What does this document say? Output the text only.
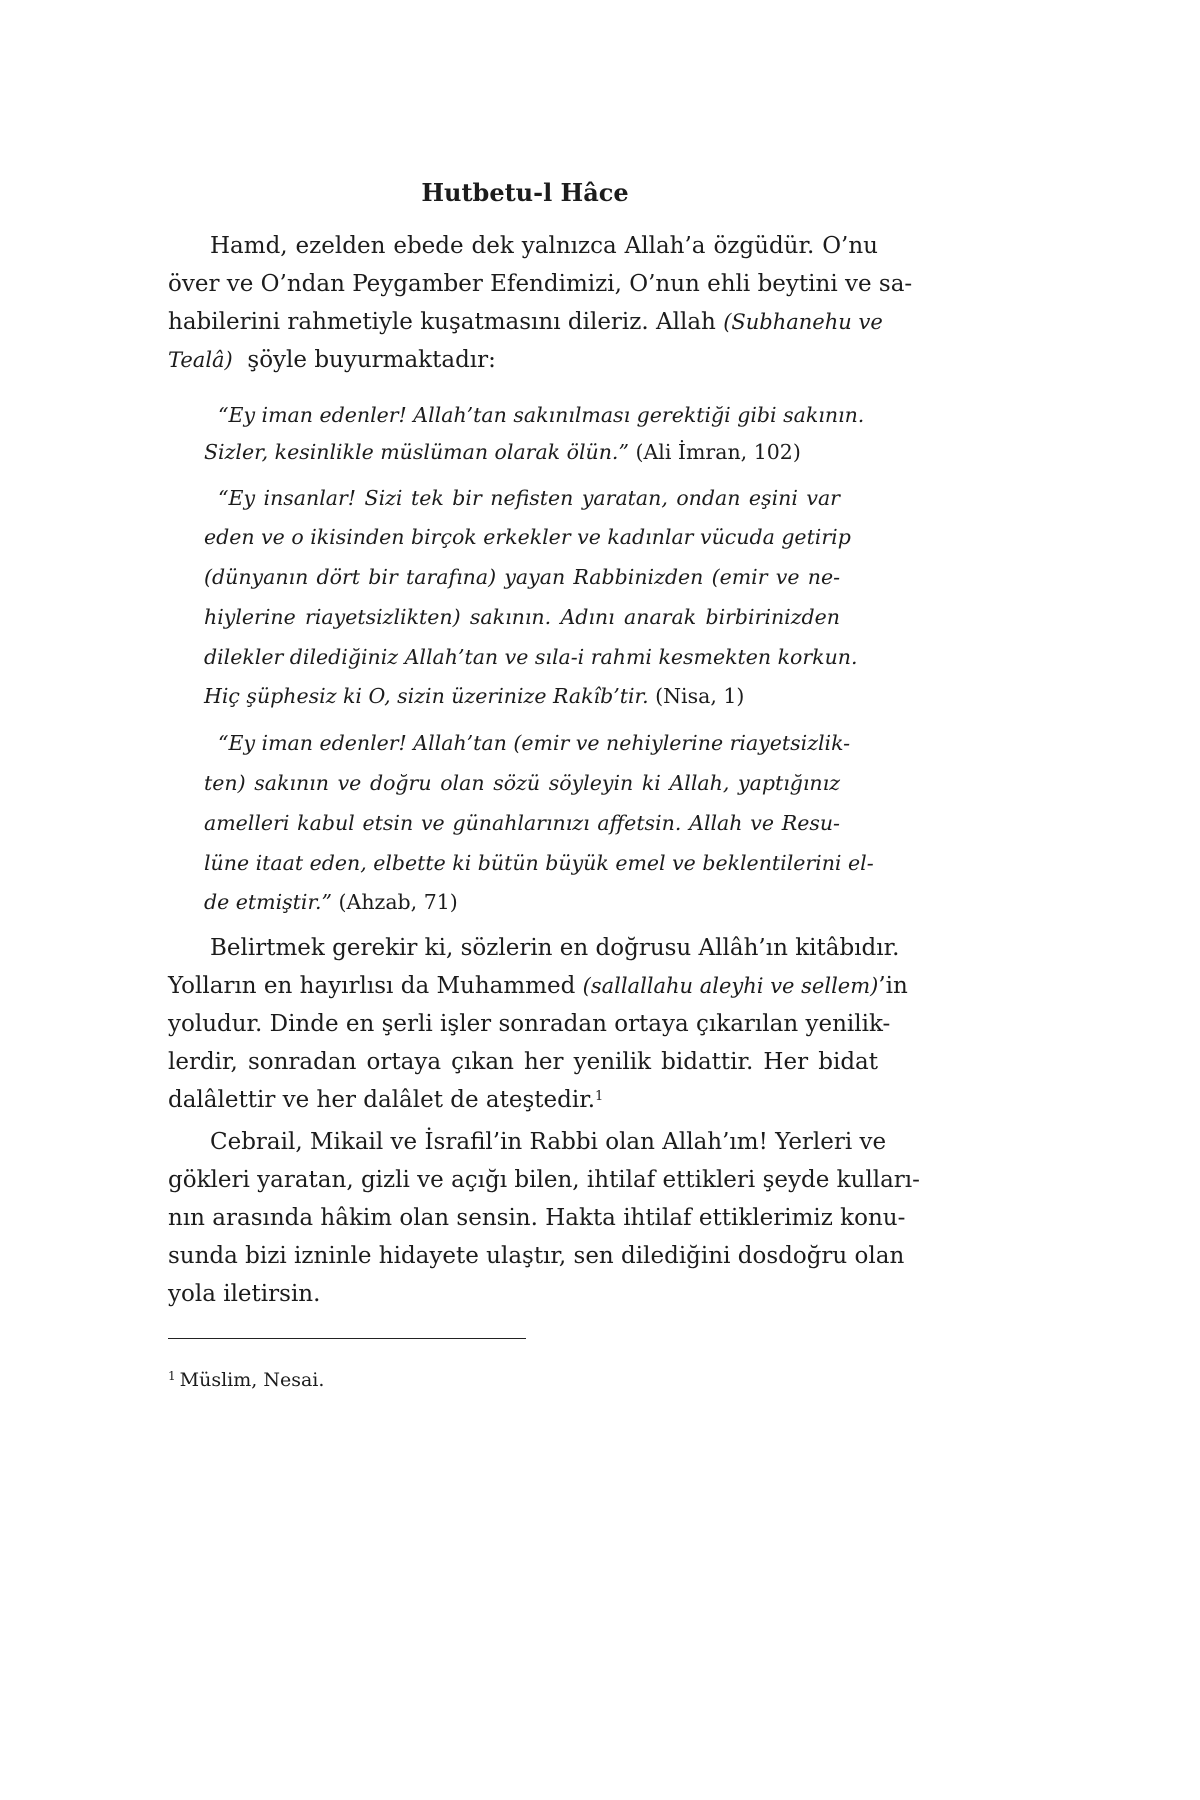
Hutbetu-l Hâce

Hamd, ezelden ebede dek yalnızca Allah’a özgüdür. O’nu

över ve O’ndan Peygamber Efendimizi, O’nun ehli beytini ve sa-

habilerini rahmetiyle kuşatmasını dileriz. Allah (Subhanehu ve

Tealâ) şöyle buyurmaktadır:

“Ey iman edenler! Allah’tan sakınılması gerektiği gibi sakının.

Sizler, kesinlikle müslüman olarak ölün.” (Ali İmran, 102)

“Ey insanlar! Sizi tek bir nefisten yaratan, ondan eşini var

eden ve o ikisinden birçok erkekler ve kadınlar vücuda getirip

(dünyanın dört bir tarafına) yayan Rabbinizden (emir ve ne-

hiylerine riayetsizlikten) sakının. Adını anarak birbirinizden

dilekler dilediğiniz Allah’tan ve sıla-i rahmi kesmekten korkun.

Hiç şüphesiz ki O, sizin üzerinize Rakîb’tir. (Nisa, 1)

“Ey iman edenler! Allah’tan (emir ve nehiylerine riayetsizlik-

ten) sakının ve doğru olan sözü söyleyin ki Allah, yaptığınız

amelleri kabul etsin ve günahlarınızı affetsin. Allah ve Resu-

lüne itaat eden, elbette ki bütün büyük emel ve beklentilerini el-

de etmiştir.” (Ahzab, 71)

Belirtmek gerekir ki, sözlerin en doğrusu Allâh’ın kitâbıdır.

Yolların en hayırlısı da Muhammed (sallallahu aleyhi ve sellem)’in

yoludur. Dinde en şerli işler sonradan ortaya çıkarılan yenilik-

lerdir, sonradan ortaya çıkan her yenilik bidattir. Her bidat

dalâlettir ve her dalâlet de ateştedir.$^1$

Cebrail, Mikail ve İsrafil’in Rabbi olan Allah’ım! Yerleri ve

gökleri yaratan, gizli ve açığı bilen, ihtilaf ettikleri şeyde kulları-

nın arasında hâkim olan sensin. Hakta ihtilaf ettiklerimiz konu-

sunda bizi izninle hidayete ulaştır, sen dilediğini dosdoğru olan

yola iletirsin.

$^1$ Müslim, Nesai.
